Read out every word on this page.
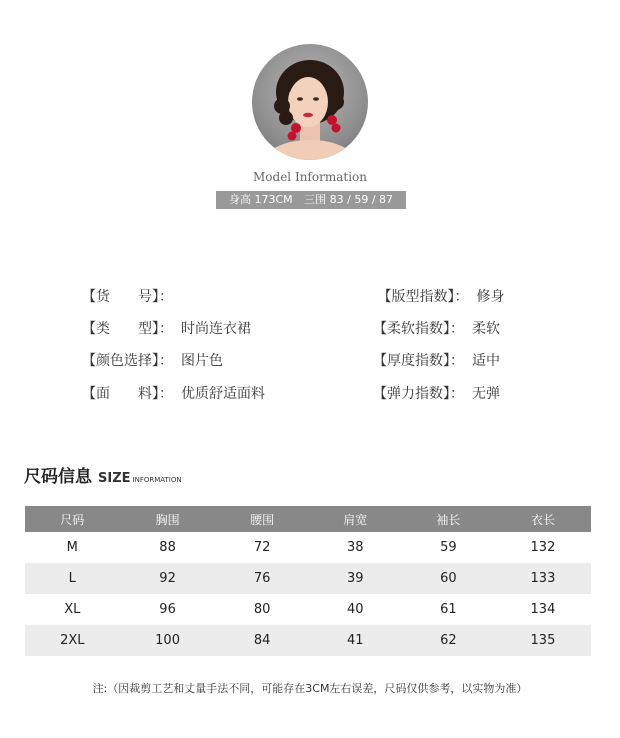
Model Information
身高 173CM 三围 83 / 59 / 87
【货　　号】：
【类　　型】： 时尚连衣裙
【颜色选择】： 图片色
【面　　料】： 优质舒适面料
【版型指数】： 修身
【柔软指数】： 柔软
【厚度指数】： 适中
【弹力指数】： 无弹
尺码信息 SIZE INFORMATION
尺码	胸围	腰围	肩宽	袖长	衣长
M	88	72	38	59	132
L	92	76	39	60	133
XL	96	80	40	61	134
2XL	100	84	41	62	135
注:（因裁剪工艺和丈量手法不同，可能存在3CM左右误差，尺码仅供参考，以实物为准）
